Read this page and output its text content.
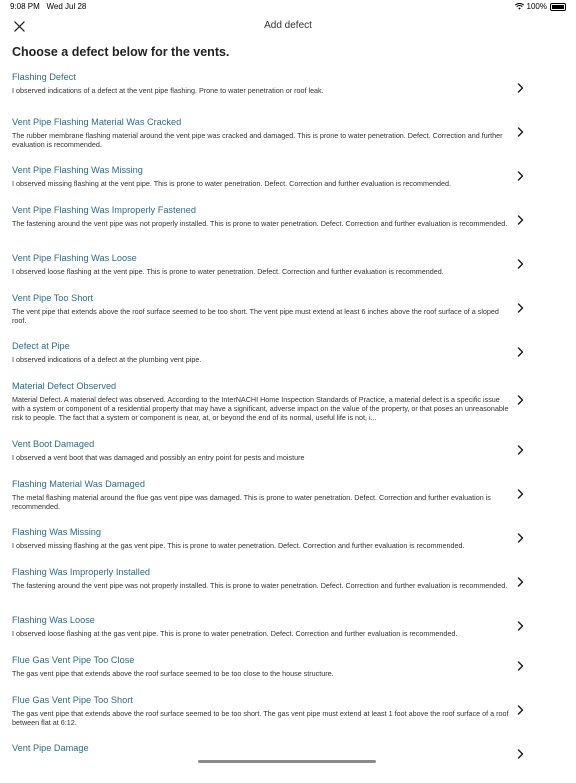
9:08 PM Wed Jul 28	100%
Add defect
Choose a defect below for the vents.
Flashing Defect
I observed indications of a defect at the vent pipe flashing. Prone to water penetration or roof leak.
Vent Pipe Flashing Material Was Cracked
The rubber membrane flashing material around the vent pipe was cracked and damaged. This is prone to water penetration. Defect. Correction and further evaluation is recommended.
Vent Pipe Flashing Was Missing
I observed missing flashing at the vent pipe. This is prone to water penetration. Defect. Correction and further evaluation is recommended.
Vent Pipe Flashing Was Improperly Fastened
The fastening around the vent pipe was not properly installed. This is prone to water penetration. Defect. Correction and further evaluation is recommended.
Vent Pipe Flashing Was Loose
I observed loose flashing at the vent pipe. This is prone to water penetration. Defect. Correction and further evaluation is recommended.
Vent Pipe Too Short
The vent pipe that extends above the roof surface seemed to be too short. The vent pipe must extend at least 6 inches above the roof surface of a sloped roof.
Defect at Pipe
I observed indications of a defect at the plumbing vent pipe.
Material Defect Observed
Material Defect. A material defect was observed. According to the InterNACHI Home Inspection Standards of Practice, a material defect is a specific issue with a system or component of a residential property that may have a significant, adverse impact on the value of the property, or that poses an unreasonable risk to people. The fact that a system or component is near, at, or beyond the end of its normal, useful life is not, i...
Vent Boot Damaged
I observed a vent boot that was damaged and possibly an entry point for pests and moisture
Flashing Material Was Damaged
The metal flashing material around the flue gas vent pipe was damaged. This is prone to water penetration. Defect. Correction and further evaluation is recommended.
Flashing Was Missing
I observed missing flashing at the gas vent pipe. This is prone to water penetration. Defect. Correction and further evaluation is recommended.
Flashing Was Improperly Installed
The fastening around the vent pipe was not properly installed. This is prone to water penetration. Defect. Correction and further evaluation is recommended.
Flashing Was Loose
I observed loose flashing at the gas vent pipe. This is prone to water penetration. Defect. Correction and further evaluation is recommended.
Flue Gas Vent Pipe Too Close
The gas vent pipe that extends above the roof surface seemed to be too close to the house structure.
Flue Gas Vent Pipe Too Short
The gas vent pipe that extends above the roof surface seemed to be too short. The gas vent pipe must extend at least 1 foot above the roof surface of a roof between flat at 6:12.
Vent Pipe Damage
